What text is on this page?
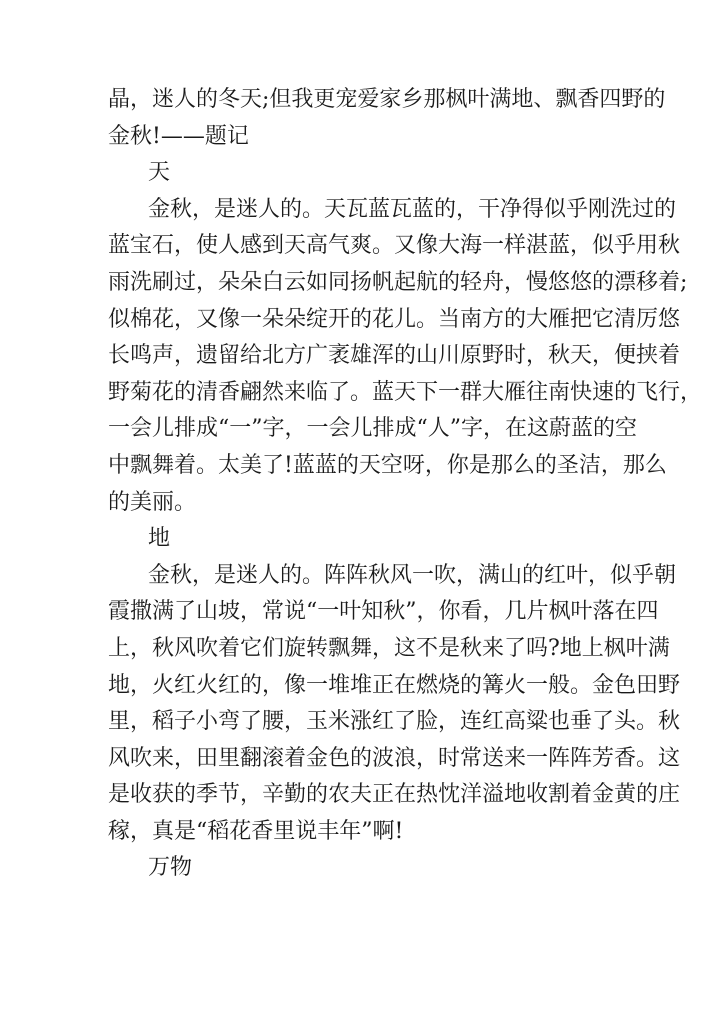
晶，迷人的冬天;但我更宠爱家乡那枫叶满地、飘香四野的
金秋!——题记
天
金秋，是迷人的。天瓦蓝瓦蓝的，干净得似乎刚洗过的
蓝宝石，使人感到天高气爽。又像大海一样湛蓝，似乎用秋
雨洗刷过，朵朵白云如同扬帆起航的轻舟，慢悠悠的漂移着;
似棉花，又像一朵朵绽开的花儿。当南方的大雁把它清厉悠
长鸣声，遗留给北方广袤雄浑的山川原野时，秋天，便挟着
野菊花的清香翩然来临了。蓝天下一群大雁往南快速的飞行，
一会儿排成“一”字，一会儿排成“人”字，在这蔚蓝的空
中飘舞着。太美了!蓝蓝的天空呀，你是那么的圣洁，那么
的美丽。
地
金秋，是迷人的。阵阵秋风一吹，满山的红叶，似乎朝
霞撒满了山坡，常说“一叶知秋”，你看，几片枫叶落在四
上，秋风吹着它们旋转飘舞，这不是秋来了吗?地上枫叶满
地，火红火红的，像一堆堆正在燃烧的篝火一般。金色田野
里，稻子小弯了腰，玉米涨红了脸，连红高粱也垂了头。秋
风吹来，田里翻滚着金色的波浪，时常送来一阵阵芳香。这
是收获的季节，辛勤的农夫正在热忱洋溢地收割着金黄的庄
稼，真是“稻花香里说丰年”啊!
万物
